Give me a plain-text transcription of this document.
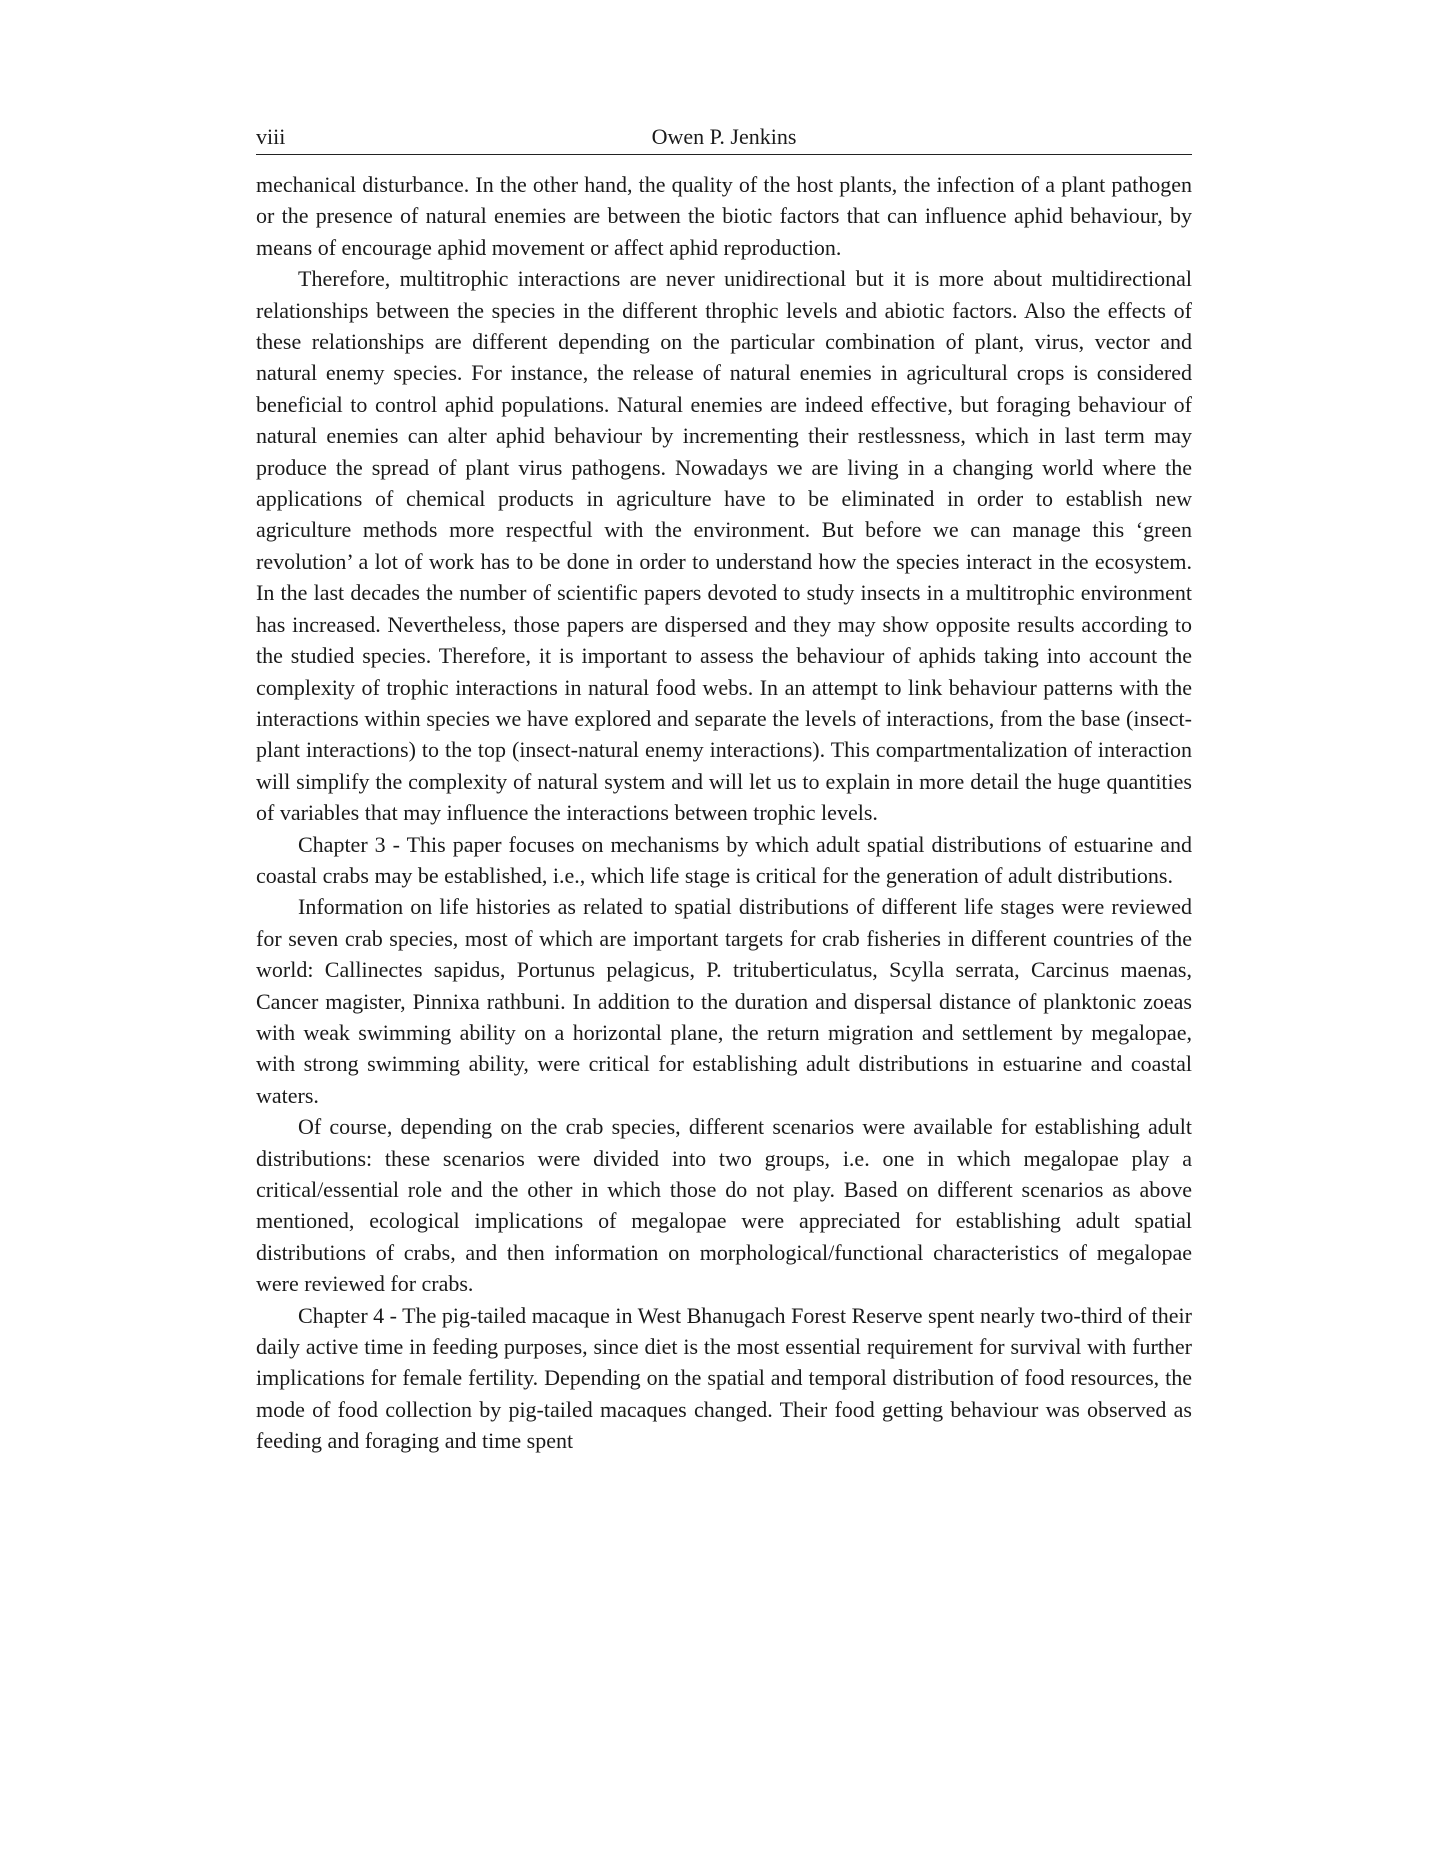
viii	Owen P. Jenkins

mechanical disturbance. In the other hand, the quality of the host plants, the infection of a plant pathogen or the presence of natural enemies are between the biotic factors that can influence aphid behaviour, by means of encourage aphid movement or affect aphid reproduction.

Therefore, multitrophic interactions are never unidirectional but it is more about multidirectional relationships between the species in the different throphic levels and abiotic factors. Also the effects of these relationships are different depending on the particular combination of plant, virus, vector and natural enemy species. For instance, the release of natural enemies in agricultural crops is considered beneficial to control aphid populations. Natural enemies are indeed effective, but foraging behaviour of natural enemies can alter aphid behaviour by incrementing their restlessness, which in last term may produce the spread of plant virus pathogens. Nowadays we are living in a changing world where the applications of chemical products in agriculture have to be eliminated in order to establish new agriculture methods more respectful with the environment. But before we can manage this ‘green revolution’ a lot of work has to be done in order to understand how the species interact in the ecosystem. In the last decades the number of scientific papers devoted to study insects in a multitrophic environment has increased. Nevertheless, those papers are dispersed and they may show opposite results according to the studied species. Therefore, it is important to assess the behaviour of aphids taking into account the complexity of trophic interactions in natural food webs. In an attempt to link behaviour patterns with the interactions within species we have explored and separate the levels of interactions, from the base (insect-plant interactions) to the top (insect-natural enemy interactions). This compartmentalization of interaction will simplify the complexity of natural system and will let us to explain in more detail the huge quantities of variables that may influence the interactions between trophic levels.

Chapter 3 - This paper focuses on mechanisms by which adult spatial distributions of estuarine and coastal crabs may be established, i.e., which life stage is critical for the generation of adult distributions.

Information on life histories as related to spatial distributions of different life stages were reviewed for seven crab species, most of which are important targets for crab fisheries in different countries of the world: Callinectes sapidus, Portunus pelagicus, P. trituberticulatus, Scylla serrata, Carcinus maenas, Cancer magister, Pinnixa rathbuni. In addition to the duration and dispersal distance of planktonic zoeas with weak swimming ability on a horizontal plane, the return migration and settlement by megalopae, with strong swimming ability, were critical for establishing adult distributions in estuarine and coastal waters.

Of course, depending on the crab species, different scenarios were available for establishing adult distributions: these scenarios were divided into two groups, i.e. one in which megalopae play a critical/essential role and the other in which those do not play. Based on different scenarios as above mentioned, ecological implications of megalopae were appreciated for establishing adult spatial distributions of crabs, and then information on morphological/functional characteristics of megalopae were reviewed for crabs.

Chapter 4 - The pig-tailed macaque in West Bhanugach Forest Reserve spent nearly two-third of their daily active time in feeding purposes, since diet is the most essential requirement for survival with further implications for female fertility. Depending on the spatial and temporal distribution of food resources, the mode of food collection by pig-tailed macaques changed. Their food getting behaviour was observed as feeding and foraging and time spent
